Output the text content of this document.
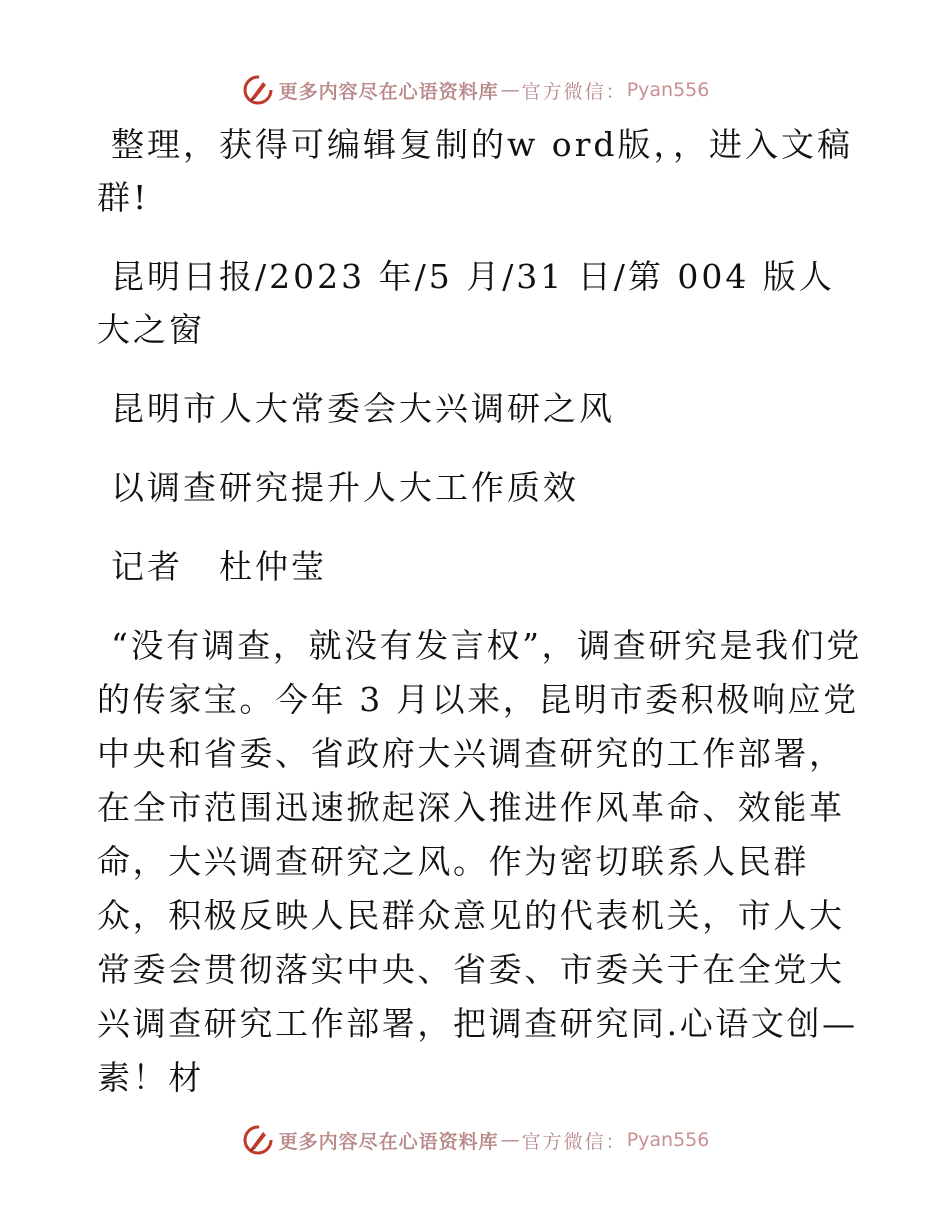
更多内容尽在心语资料库 — 官方微信： Pyan556

整理，获得可编辑复制的w ord版，，进入文稿群!

昆明日报/2023 年/5 月/31 日/第 004 版人大之窗

昆明市人大常委会大兴调研之风

以调查研究提升人大工作质效

记者　杜仲莹

“没有调查，就没有发言权”，调查研究是我们党的传家宝。今年 3 月以来，昆明市委积极响应党中央和省委、省政府大兴调查研究的工作部署，在全市范围迅速掀起深入推进作风革命、效能革命，大兴调查研究之风。作为密切联系人民群众，积极反映人民群众意见的代表机关，市人大常委会贯彻落实中央、省委、市委关于在全党大兴调查研究工作部署，把调查研究同.心语文创—素！材

更多内容尽在心语资料库 — 官方微信： Pyan556
